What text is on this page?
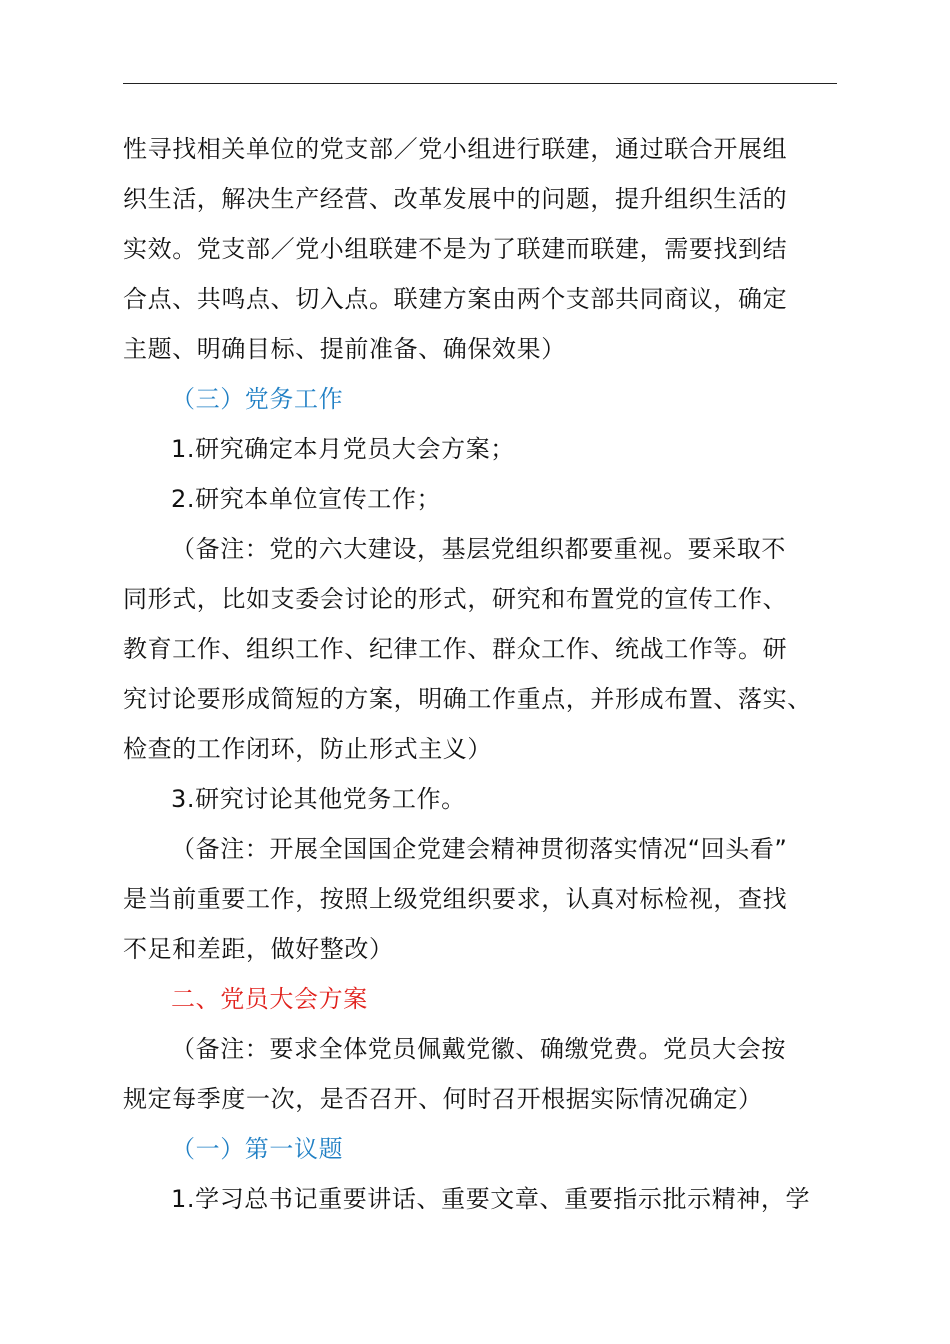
性寻找相关单位的党支部／党小组进行联建，通过联合开展组
织生活，解决生产经营、改革发展中的问题，提升组织生活的
实效。党支部／党小组联建不是为了联建而联建，需要找到结
合点、共鸣点、切入点。联建方案由两个支部共同商议，确定
主题、明确目标、提前准备、确保效果）
（三）党务工作
1.研究确定本月党员大会方案；
2.研究本单位宣传工作；
（备注：党的六大建设，基层党组织都要重视。要采取不
同形式，比如支委会讨论的形式，研究和布置党的宣传工作、
教育工作、组织工作、纪律工作、群众工作、统战工作等。研
究讨论要形成简短的方案，明确工作重点，并形成布置、落实、
检查的工作闭环，防止形式主义）
3.研究讨论其他党务工作。
（备注：开展全国国企党建会精神贯彻落实情况“回头看”
是当前重要工作，按照上级党组织要求，认真对标检视，查找
不足和差距，做好整改）
二、党员大会方案
（备注：要求全体党员佩戴党徽、确缴党费。党员大会按
规定每季度一次，是否召开、何时召开根据实际情况确定）
（一）第一议题
1.学习总书记重要讲话、重要文章、重要指示批示精神，学
